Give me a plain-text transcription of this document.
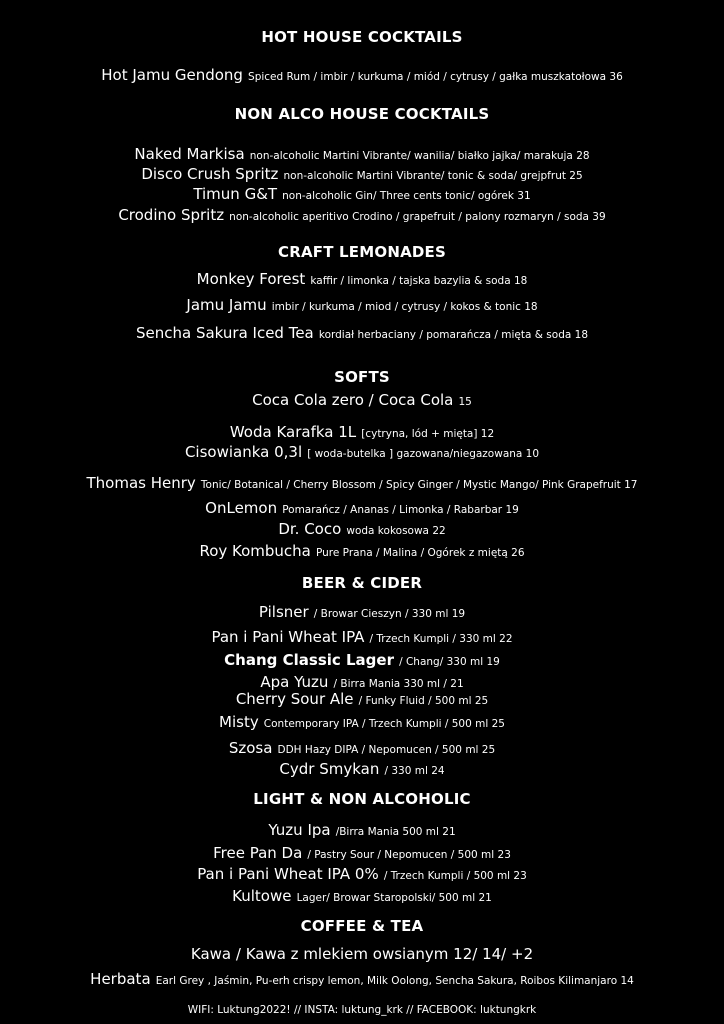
HOT HOUSE COCKTAILS
Hot Jamu Gendong Spiced Rum / imbir / kurkuma / miód / cytrusy / gałka muszkatołowa 36
NON ALCO HOUSE COCKTAILS
Naked Markisa non-alcoholic Martini Vibrante/ wanilia/ białko jajka/ marakuja 28
Disco Crush Spritz non-alcoholic Martini Vibrante/ tonic & soda/ grejpfrut 25
Timun G&T non-alcoholic Gin/ Three cents tonic/ ogórek 31
Crodino Spritz non-alcoholic aperitivo Crodino / grapefruit / palony rozmaryn / soda 39
CRAFT LEMONADES
Monkey Forest kaffir / limonka / tajska bazylia & soda 18
Jamu Jamu imbir / kurkuma / miod / cytrusy / kokos & tonic 18
Sencha Sakura Iced Tea kordiał herbaciany / pomarańcza / mięta & soda 18
SOFTS
Coca Cola zero / Coca Cola 15
Woda Karafka 1L [cytryna, lód + mięta] 12
Cisowianka 0,3l [ woda-butelka ] gazowana/niegazowana 10
Thomas Henry Tonic/ Botanical / Cherry Blossom / Spicy Ginger / Mystic Mango/ Pink Grapefruit 17
OnLemon Pomarańcz / Ananas / Limonka / Rabarbar 19
Dr. Coco woda kokosowa 22
Roy Kombucha Pure Prana / Malina / Ogórek z miętą 26
BEER & CIDER
Pilsner / Browar Cieszyn / 330 ml 19
Pan i Pani Wheat IPA / Trzech Kumpli / 330 ml 22
Chang Classic Lager / Chang/ 330 ml 19
Apa Yuzu / Birra Mania 330 ml / 21
Cherry Sour Ale / Funky Fluid / 500 ml 25
Misty Contemporary IPA / Trzech Kumpli / 500 ml 25
Szosa DDH Hazy DIPA / Nepomucen / 500 ml 25
Cydr Smykan / 330 ml 24
LIGHT & NON ALCOHOLIC
Yuzu Ipa /Birra Mania 500 ml 21
Free Pan Da / Pastry Sour / Nepomucen / 500 ml 23
Pan i Pani Wheat IPA 0% / Trzech Kumpli / 500 ml 23
Kultowe Lager/ Browar Staropolski/ 500 ml 21
COFFEE & TEA
Kawa / Kawa z mlekiem owsianym 12/ 14/ +2
Herbata Earl Grey , Jaśmin, Pu-erh crispy lemon, Milk Oolong, Sencha Sakura, Roibos Kilimanjaro 14
WIFI: Luktung2022! // INSTA: luktung_krk // FACEBOOK: luktungkrk
